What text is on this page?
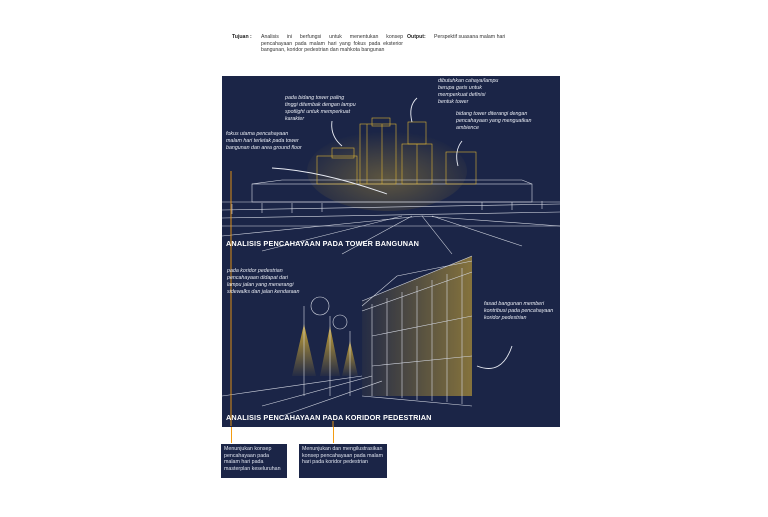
Tujuan : Analisis ini berfungsi untuk menentukan konsep pencahayaan pada malam hari yang fokus pada eksterior bangunan, koridor pedestrian dan mahkota bangunan
Output: Perspektif suasana malam hari
pada bidang tower paling tinggi ditembak dengan lampu spotlight untuk memperkuat karakter
dibutuhkan cahaya/lampu berupa garis untuk memperkuat definisi bentuk tower
fokus utama pencahayaan malam hari terletak pada tower bangunan dan area ground floor
bidang tower diterangi dengan pencahayaan yang menguatkan ambience
ANALISIS PENCAHAYAAN PADA TOWER BANGUNAN
pada koridor pedestrian pencahayaan didapat dari lampu jalan yang menerangi sidewalks dan jalan kendaraan
fasad bangunan memberi kontribusi pada pencahayaan koridor pedestrian
ANALISIS PENCAHAYAAN PADA KORIDOR PEDESTRIAN
Menunjukan konsep pencahayaan pada malam hari pada masterplan keseluruhan
Menunjukan dan mengilustrasikan konsep pencahayaan pada malam hari pada koridor pedestrian
